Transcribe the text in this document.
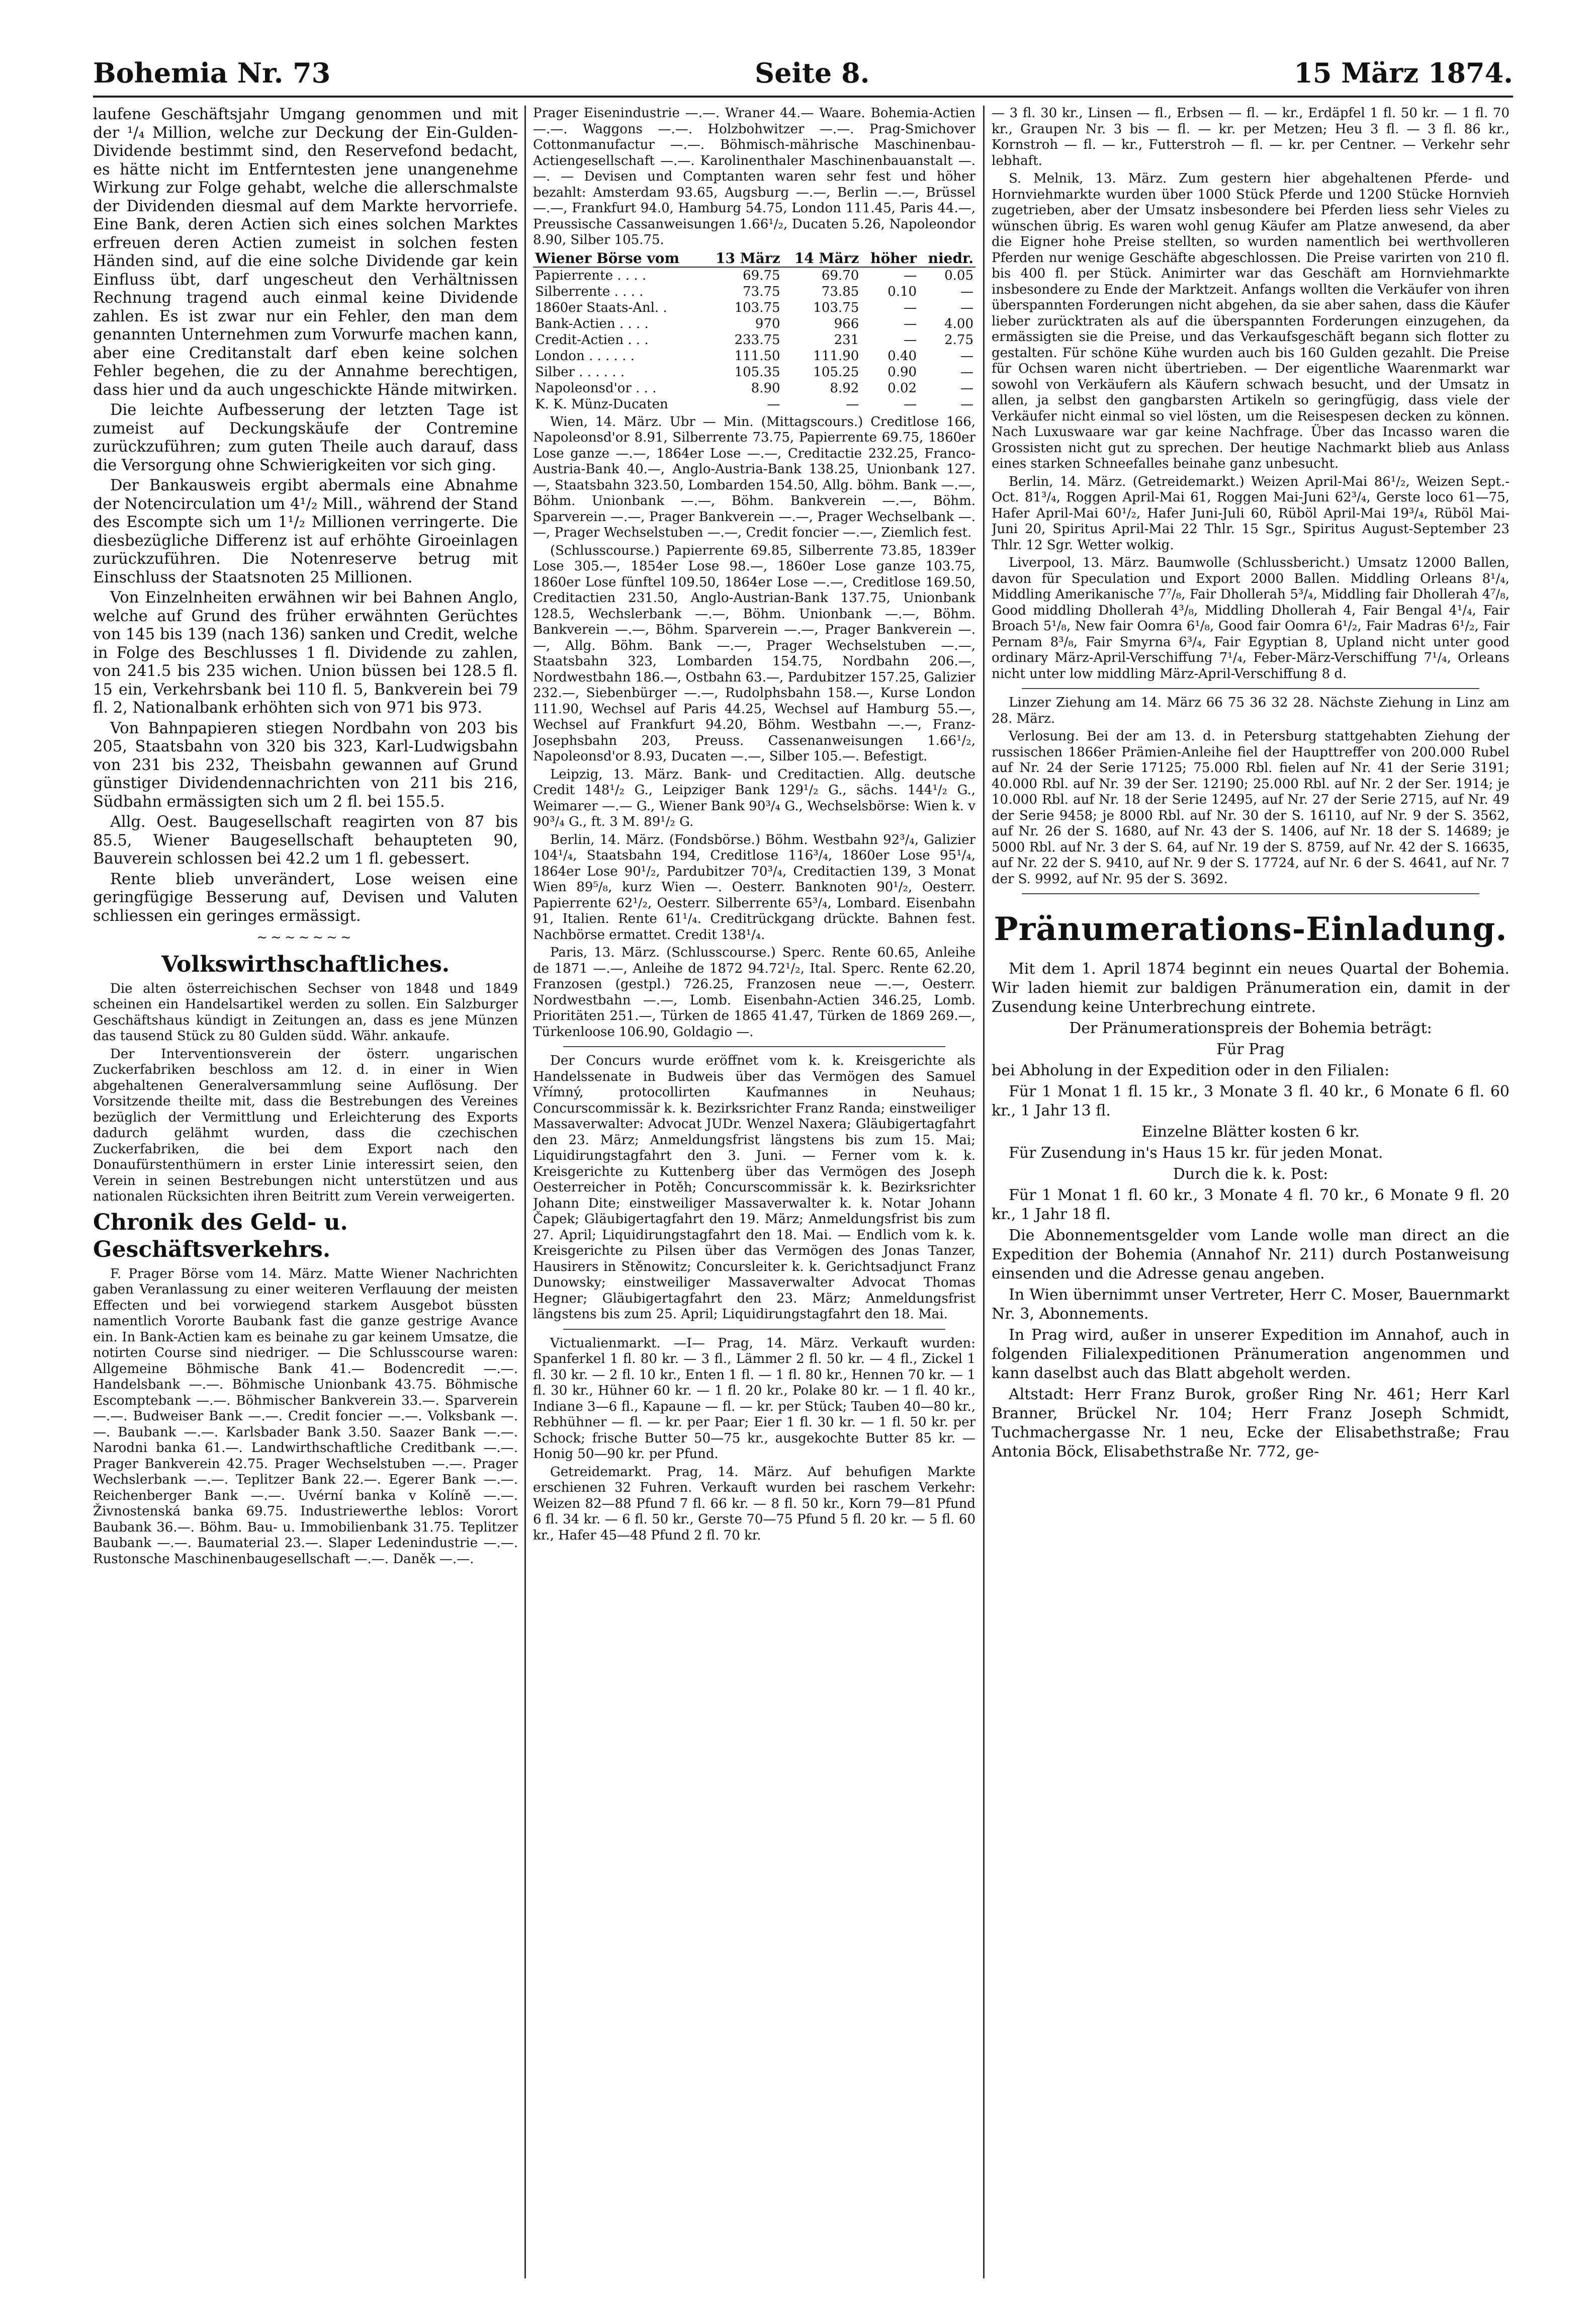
Bohemia Nr. 73	Seite 8.	15 März 1874.

laufene Geschäftsjahr Umgang genommen und mit der ¹/₄ Million, welche zur Deckung der Ein-Gulden-Dividende bestimmt sind, den Reservefond bedacht, es hätte nicht im Entferntesten jene unangenehme Wirkung zur Folge gehabt, welche die allerschmalste der Dividenden diesmal auf dem Markte hervorriefe. Eine Bank, deren Actien sich eines solchen Marktes erfreuen deren Actien zumeist in solchen festen Händen sind, auf die eine solche Dividende gar kein Einfluss übt, darf ungescheut den Verhältnissen Rechnung tragend auch einmal keine Dividende zahlen. Es ist zwar nur ein Fehler, den man dem genannten Unternehmen zum Vorwurfe machen kann, aber eine Creditanstalt darf eben keine solchen Fehler begehen, die zu der Annahme berechtigen, dass hier und da auch ungeschickte Hände mitwirken.

Die leichte Aufbesserung der letzten Tage ist zumeist auf Deckungskäufe der Contremine zurückzuführen; zum guten Theile auch darauf, dass die Versorgung ohne Schwierigkeiten vor sich ging.

Der Bankausweis ergibt abermals eine Abnahme der Notencirculation um 4¹/₂ Mill., während der Stand des Escompte sich um 1¹/₂ Millionen verringerte. Die diesbezügliche Differenz ist auf erhöhte Giroeinlagen zurückzuführen. Die Notenreserve betrug mit Einschluss der Staatsnoten 25 Millionen.

Von Einzelnheiten erwähnen wir bei Bahnen Anglo, welche auf Grund des früher erwähnten Gerüchtes von 145 bis 139 (nach 136) sanken und Credit, welche in Folge des Beschlusses 1 fl. Dividende zu zahlen, von 241.5 bis 235 wichen. Union büssen bei 128.5 fl. 15 ein, Verkehrsbank bei 110 fl. 5, Bankverein bei 79 fl. 2, Nationalbank erhöhten sich von 971 bis 973.

Von Bahnpapieren stiegen Nordbahn von 203 bis 205, Staatsbahn von 320 bis 323, Karl-Ludwigsbahn von 231 bis 232, Theisbahn gewannen auf Grund günstiger Dividendennachrichten von 211 bis 216, Südbahn ermässigten sich um 2 fl. bei 155.5.

Allg. Oest. Baugesellschaft reagirten von 87 bis 85.5, Wiener Baugesellschaft behaupteten 90, Bauverein schlossen bei 42.2 um 1 fl. gebessert.

Rente blieb unverändert, Lose weisen eine geringfügige Besserung auf, Devisen und Valuten schliessen ein geringes ermässigt.

~~~~~~~
Volkswirthschaftliches.

Die alten österreichischen Sechser von 1848 und 1849 scheinen ein Handelsartikel werden zu sollen. Ein Salzburger Geschäftshaus kündigt in Zeitungen an, dass es jene Münzen das tausend Stück zu 80 Gulden südd. Währ. ankaufe.

Der Interventionsverein der österr. ungarischen Zuckerfabriken beschloss am 12. d. in einer in Wien abgehaltenen Generalversammlung seine Auflösung. Der Vorsitzende theilte mit, dass die Bestrebungen des Vereines bezüglich der Vermittlung und Erleichterung des Exports dadurch gelähmt wurden, dass die czechischen Zuckerfabriken, die bei dem Export nach den Donaufürstenthümern in erster Linie interessirt seien, den Verein in seinen Bestrebungen nicht unterstützen und aus nationalen Rücksichten ihren Beitritt zum Verein verweigerten.

Chronik des Geld- u. Geschäftsverkehrs.

F. Prager Börse vom 14. März. Matte Wiener Nachrichten gaben Veranlassung zu einer weiteren Verflauung der meisten Effecten und bei vorwiegend starkem Ausgebot büssten namentlich Vororte Baubank fast die ganze gestrige Avance ein. In Bank-Actien kam es beinahe zu gar keinem Umsatze, die notirten Course sind niedriger. — Die Schlusscourse waren: Allgemeine Böhmische Bank 41.— Bodencredit —.—. Handelsbank —.—. Böhmische Unionbank 43.75. Böhmische Escomptebank —.—. Böhmischer Bankverein 33.—. Sparverein —.—. Budweiser Bank —.—. Credit foncier —.—. Volksbank —.—. Baubank —.—. Karlsbader Bank 3.50. Saazer Bank —.—. Narodni banka 61.—. Landwirthschaftliche Creditbank —.—. Prager Bankverein 42.75. Prager Wechselstuben —.—. Prager Wechslerbank —.—. Teplitzer Bank 22.—. Egerer Bank —.—. Reichenberger Bank —.—. Uvérní banka v Kolíně —.—. Živnostenská banka 69.75. Industriewerthe leblos: Vorort Baubank 36.—. Böhm. Bau- u. Immobilienbank 31.75. Teplitzer Baubank —.—. Baumaterial 23.—. Slaper Ledenindustrie —.—. Rustonsche Maschinenbaugesellschaft —.—. Daněk —.—.

Prager Eisenindustrie —.—. Wraner 44.— Waare. Bohemia-Actien —.—. Waggons —.—. Holzbohwitzer —.—. Prag-Smichover Cottonmanufactur —.—. Böhmisch-mährische Maschinenbau-Actiengesellschaft —.—. Karolinenthaler Maschinenbauanstalt —.—. — Devisen und Comptanten waren sehr fest und höher bezahlt: Amsterdam 93.65, Augsburg —.—, Berlin —.—, Brüssel —.—, Frankfurt 94.0, Hamburg 54.75, London 111.45, Paris 44.—, Preussische Cassanweisungen 1.66¹/₂, Ducaten 5.26, Napoleondor 8.90, Silber 105.75.

Wiener Börse vom	13 März	14 März	höher	niedr.
Papierrente . . . .	69.75	69.70	—	0.05
Silberrente . . . .	73.75	73.85	0.10	—
1860er Staats-Anl. .	103.75	103.75	—	—
Bank-Actien . . . .	970	966	—	4.00
Credit-Actien . . .	233.75	231	—	2.75
London . . . . . .	111.50	111.90	0.40	—
Silber . . . . . .	105.35	105.25	0.90	—
Napoleonsd'or . . .	8.90	8.92	0.02	—
K. K. Münz-Ducaten	—	—	—	—

Wien, 14. März. Ubr — Min. (Mittagscours.) Creditlose 166, Napoleonsd'or 8.91, Silberrente 73.75, Papierrente 69.75, 1860er Lose ganze —.—, 1864er Lose —.—, Creditactie 232.25, Franco-Austria-Bank 40.—, Anglo-Austria-Bank 138.25, Unionbank 127.—, Staatsbahn 323.50, Lombarden 154.50, Allg. böhm. Bank —.—, Böhm. Unionbank —.—, Böhm. Bankverein —.—, Böhm. Sparverein —.—, Prager Bankverein —.—, Prager Wechselbank —.—, Prager Wechselstuben —.—, Credit foncier —.—, Ziemlich fest.

(Schlusscourse.) Papierrente 69.85, Silberrente 73.85, 1839er Lose 305.—, 1854er Lose 98.—, 1860er Lose ganze 103.75, 1860er Lose fünftel 109.50, 1864er Lose —.—, Creditlose 169.50, Creditactien 231.50, Anglo-Austrian-Bank 137.75, Unionbank 128.5, Wechslerbank —.—, Böhm. Unionbank —.—, Böhm. Bankverein —.—, Böhm. Sparverein —.—, Prager Bankverein —.—, Allg. Böhm. Bank —.—, Prager Wechselstuben —.—, Staatsbahn 323, Lombarden 154.75, Nordbahn 206.—, Nordwestbahn 186.—, Ostbahn 63.—, Pardubitzer 157.25, Galizier 232.—, Siebenbürger —.—, Rudolphsbahn 158.—, Kurse London 111.90, Wechsel auf Paris 44.25, Wechsel auf Hamburg 55.—, Wechsel auf Frankfurt 94.20, Böhm. Westbahn —.—, Franz-Josephsbahn 203, Preuss. Cassenanweisungen 1.66¹/₂, Napoleonsd'or 8.93, Ducaten —.—, Silber 105.—. Befestigt.

Leipzig, 13. März. Bank- und Creditactien. Allg. deutsche Credit 148¹/₂ G., Leipziger Bank 129¹/₂ G., sächs. 144¹/₂ G., Weimarer —.— G., Wiener Bank 90³/₄ G., Wechselsbörse: Wien k. v 90³/₄ G., ft. 3 M. 89¹/₂ G.

Berlin, 14. März. (Fondsbörse.) Böhm. Westbahn 92³/₄, Galizier 104¹/₄, Staatsbahn 194, Creditlose 116³/₄, 1860er Lose 95¹/₄, 1864er Lose 90¹/₂, Pardubitzer 70³/₄, Creditactien 139, 3 Monat Wien 89⁵/₈, kurz Wien —. Oesterr. Banknoten 90¹/₂, Oesterr. Papierrente 62¹/₂, Oesterr. Silberrente 65³/₄, Lombard. Eisenbahn 91, Italien. Rente 61¹/₄. Creditrückgang drückte. Bahnen fest. Nachbörse ermattet. Credit 138¹/₄.

Paris, 13. März. (Schlusscourse.) Sperc. Rente 60.65, Anleihe de 1871 —.—, Anleihe de 1872 94.72¹/₂, Ital. Sperc. Rente 62.20, Franzosen (gestpl.) 726.25, Franzosen neue —.—, Oesterr. Nordwestbahn —.—, Lomb. Eisenbahn-Actien 346.25, Lomb. Prioritäten 251.—, Türken de 1865 41.47, Türken de 1869 269.—, Türkenloose 106.90, Goldagio —.

Der Concurs wurde eröffnet vom k. k. Kreisgerichte als Handelssenate in Budweis über das Vermögen des Samuel Vřímný, protocollirten Kaufmannes in Neuhaus; Concurscommissär k. k. Bezirksrichter Franz Randa; einstweiliger Massaverwalter: Advocat JUDr. Wenzel Naxera; Gläubigertagfahrt den 23. März; Anmeldungsfrist längstens bis zum 15. Mai; Liquidirungstagfahrt den 3. Juni. — Ferner vom k. k. Kreisgerichte zu Kuttenberg über das Vermögen des Joseph Oesterreicher in Potěh; Concurscommissär k. k. Bezirksrichter Johann Dite; einstweiliger Massaverwalter k. k. Notar Johann Čapek; Gläubigertagfahrt den 19. März; Anmeldungsfrist bis zum 27. April; Liquidirungstagfahrt den 18. Mai. — Endlich vom k. k. Kreisgerichte zu Pilsen über das Vermögen des Jonas Tanzer, Hausirers in Stěnowitz; Concursleiter k. k. Gerichtsadjunct Franz Dunowsky; einstweiliger Massaverwalter Advocat Thomas Hegner; Gläubigertagfahrt den 23. März; Anmeldungsfrist längstens bis zum 25. April; Liquidirungstagfahrt den 18. Mai.

Victualienmarkt. —I— Prag, 14. März. Verkauft wurden: Spanferkel 1 fl. 80 kr. — 3 fl., Lämmer 2 fl. 50 kr. — 4 fl., Zickel 1 fl. 30 kr. — 2 fl. 10 kr., Enten 1 fl. — 1 fl. 80 kr., Hennen 70 kr. — 1 fl. 30 kr., Hühner 60 kr. — 1 fl. 20 kr., Polake 80 kr. — 1 fl. 40 kr., Indiane 3—6 fl., Kapaune — fl. — kr. per Stück; Tauben 40—80 kr., Rebhühner — fl. — kr. per Paar; Eier 1 fl. 30 kr. — 1 fl. 50 kr. per Schock; frische Butter 50—75 kr., ausgekochte Butter 85 kr. — Honig 50—90 kr. per Pfund.

Getreidemarkt. Prag, 14. März. Auf behufigen Markte erschienen 32 Fuhren. Verkauft wurden bei raschem Verkehr: Weizen 82—88 Pfund 7 fl. 66 kr. — 8 fl. 50 kr., Korn 79—81 Pfund 6 fl. 34 kr. — 6 fl. 50 kr., Gerste 70—75 Pfund 5 fl. 20 kr. — 5 fl. 60 kr., Hafer 45—48 Pfund 2 fl. 70 kr.

— 3 fl. 30 kr., Linsen — fl., Erbsen — fl. — kr., Erdäpfel 1 fl. 50 kr. — 1 fl. 70 kr., Graupen Nr. 3 bis — fl. — kr. per Metzen; Heu 3 fl. — 3 fl. 86 kr., Kornstroh — fl. — kr., Futterstroh — fl. — kr. per Centner. — Verkehr sehr lebhaft.

S. Melnik, 13. März. Zum gestern hier abgehaltenen Pferde- und Hornviehmarkte wurden über 1000 Stück Pferde und 1200 Stücke Hornvieh zugetrieben, aber der Umsatz insbesondere bei Pferden liess sehr Vieles zu wünschen übrig. Es waren wohl genug Käufer am Platze anwesend, da aber die Eigner hohe Preise stellten, so wurden namentlich bei werthvolleren Pferden nur wenige Geschäfte abgeschlossen. Die Preise varirten von 210 fl. bis 400 fl. per Stück. Animirter war das Geschäft am Hornviehmarkte insbesondere zu Ende der Marktzeit. Anfangs wollten die Verkäufer von ihren überspannten Forderungen nicht abgehen, da sie aber sahen, dass die Käufer lieber zurücktraten als auf die überspannten Forderungen einzugehen, da ermässigten sie die Preise, und das Verkaufsgeschäft begann sich flotter zu gestalten. Für schöne Kühe wurden auch bis 160 Gulden gezahlt. Die Preise für Ochsen waren nicht übertrieben. — Der eigentliche Waarenmarkt war sowohl von Verkäufern als Käufern schwach besucht, und der Umsatz in allen, ja selbst den gangbarsten Artikeln so geringfügig, dass viele der Verkäufer nicht einmal so viel lösten, um die Reisespesen decken zu können. Nach Luxuswaare war gar keine Nachfrage. Über das Incasso waren die Grossisten nicht gut zu sprechen. Der heutige Nachmarkt blieb aus Anlass eines starken Schneefalles beinahe ganz unbesucht.

Berlin, 14. März. (Getreidemarkt.) Weizen April-Mai 86¹/₂, Weizen Sept.-Oct. 81³/₄, Roggen April-Mai 61, Roggen Mai-Juni 62³/₄, Gerste loco 61—75, Hafer April-Mai 60¹/₂, Hafer Juni-Juli 60, Rüböl April-Mai 19³/₄, Rüböl Mai-Juni 20, Spiritus April-Mai 22 Thlr. 15 Sgr., Spiritus August-September 23 Thlr. 12 Sgr. Wetter wolkig.

Liverpool, 13. März. Baumwolle (Schlussbericht.) Umsatz 12000 Ballen, davon für Speculation und Export 2000 Ballen. Middling Orleans 8¹/₄, Middling Amerikanische 7⁷/₈, Fair Dhollerah 5³/₄, Middling fair Dhollerah 4⁷/₈, Good middling Dhollerah 4³/₈, Middling Dhollerah 4, Fair Bengal 4¹/₄, Fair Broach 5¹/₈, New fair Oomra 6¹/₈, Good fair Oomra 6¹/₂, Fair Madras 6¹/₂, Fair Pernam 8³/₈, Fair Smyrna 6³/₄, Fair Egyptian 8, Upland nicht unter good ordinary März-April-Verschiffung 7¹/₄, Feber-März-Verschiffung 7¹/₄, Orleans nicht unter low middling März-April-Verschiffung 8 d.

Linzer Ziehung am 14. März 66 75 36 32 28. Nächste Ziehung in Linz am 28. März.

Verlosung. Bei der am 13. d. in Petersburg stattgehabten Ziehung der russischen 1866er Prämien-Anleihe fiel der Haupttreffer von 200.000 Rubel auf Nr. 24 der Serie 17125; 75.000 Rbl. fielen auf Nr. 41 der Serie 3191; 40.000 Rbl. auf Nr. 39 der Ser. 12190; 25.000 Rbl. auf Nr. 2 der Ser. 1914; je 10.000 Rbl. auf Nr. 18 der Serie 12495, auf Nr. 27 der Serie 2715, auf Nr. 49 der Serie 9458; je 8000 Rbl. auf Nr. 30 der S. 16110, auf Nr. 9 der S. 3562, auf Nr. 26 der S. 1680, auf Nr. 43 der S. 1406, auf Nr. 18 der S. 14689; je 5000 Rbl. auf Nr. 3 der S. 64, auf Nr. 19 der S. 8759, auf Nr. 42 der S. 16635, auf Nr. 22 der S. 9410, auf Nr. 9 der S. 17724, auf Nr. 6 der S. 4641, auf Nr. 7 der S. 9992, auf Nr. 95 der S. 3692.

Pränumerations-Einladung.

Mit dem 1. April 1874 beginnt ein neues Quartal der Bohemia. Wir laden hiemit zur baldigen Pränumeration ein, damit in der Zusendung keine Unterbrechung eintrete.

Der Pränumerationspreis der Bohemia beträgt:

Für Prag

bei Abholung in der Expedition oder in den Filialen:

Für 1 Monat 1 fl. 15 kr., 3 Monate 3 fl. 40 kr., 6 Monate 6 fl. 60 kr., 1 Jahr 13 fl.

Einzelne Blätter kosten 6 kr.

Für Zusendung in's Haus 15 kr. für jeden Monat.

Durch die k. k. Post:

Für 1 Monat 1 fl. 60 kr., 3 Monate 4 fl. 70 kr., 6 Monate 9 fl. 20 kr., 1 Jahr 18 fl.

Die Abonnementsgelder vom Lande wolle man direct an die Expedition der Bohemia (Annahof Nr. 211) durch Postanweisung einsenden und die Adresse genau angeben.

In Wien übernimmt unser Vertreter, Herr C. Moser, Bauernmarkt Nr. 3, Abonnements.

In Prag wird, außer in unserer Expedition im Annahof, auch in folgenden Filialexpeditionen Pränumeration angenommen und kann daselbst auch das Blatt abgeholt werden.

Altstadt: Herr Franz Burok, großer Ring Nr. 461; Herr Karl Branner, Brückel Nr. 104; Herr Franz Joseph Schmidt, Tuchmachergasse Nr. 1 neu, Ecke der Elisabethstraße; Frau Antonia Böck, Elisabethstraße Nr. 772, ge-
